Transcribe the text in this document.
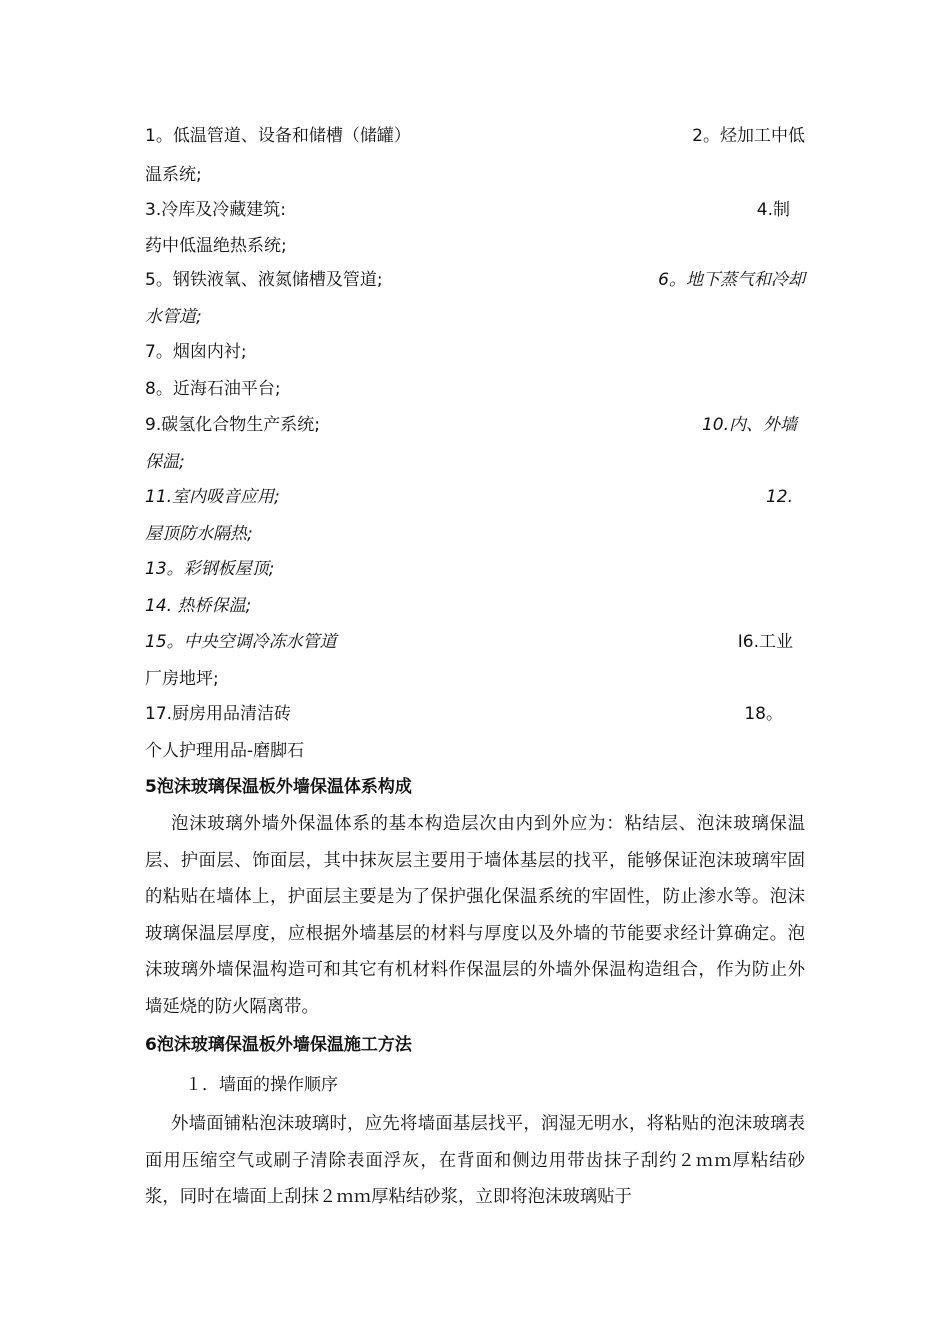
1。低温管道、设备和储槽（储罐）	2。烃加工中低
温系统;
3.冷库及冷藏建筑:	4.制
药中低温绝热系统;
5。钢铁液氧、液氮储槽及管道;	6。地下蒸气和冷却
水管道;
7。烟囱内衬;
8。近海石油平台;
9.碳氢化合物生产系统;	10.内、外墙
保温;
11.室内吸音应用;	12.
屋顶防水隔热;
13。彩钢板屋顶;
14. 热桥保温;
15。中央空调冷冻水管道	I6.工业
厂房地坪;
17.厨房用品清洁砖	18。
个人护理用品-磨脚石
5泡沫玻璃保温板外墙保温体系构成
泡沫玻璃外墙外保温体系的基本构造层次由内到外应为：粘结层、泡沫玻璃保温层、护面层、饰面层，其中抹灰层主要用于墙体基层的找平，能够保证泡沫玻璃牢固的粘贴在墙体上，护面层主要是为了保护强化保温系统的牢固性，防止渗水等。泡沫玻璃保温层厚度，应根据外墙基层的材料与厚度以及外墙的节能要求经计算确定。泡沫玻璃外墙保温构造可和其它有机材料作保温层的外墙外保温构造组合，作为防止外墙延烧的防火隔离带。
6泡沫玻璃保温板外墙保温施工方法
１．墙面的操作顺序
外墙面铺粘泡沫玻璃时，应先将墙面基层找平，润湿无明水，将粘贴的泡沫玻璃表面用压缩空气或刷子清除表面浮灰，在背面和侧边用带齿抹子刮约２ｍｍ厚粘结砂浆，同时在墙面上刮抹２ｍｍ厚粘结砂浆，立即将泡沫玻璃贴于
